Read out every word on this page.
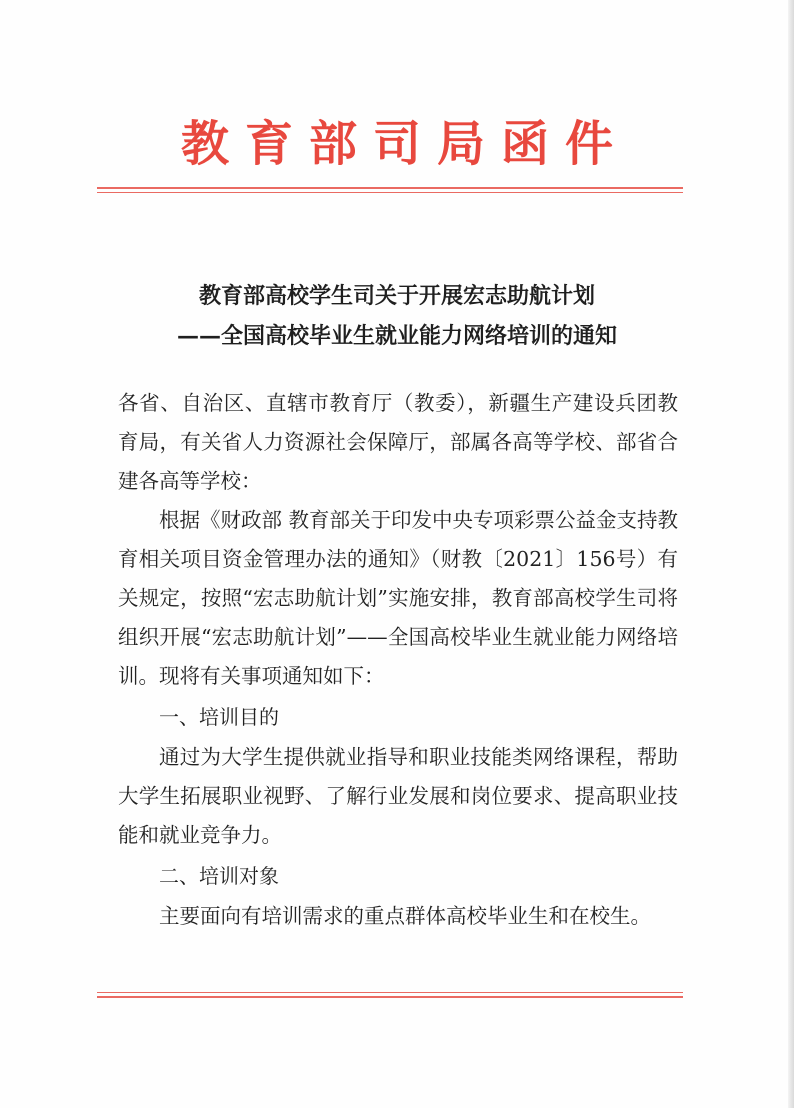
教育部司局函件
教育部高校学生司关于开展宏志助航计划
——全国高校毕业生就业能力网络培训的通知

各省、自治区、直辖市教育厅（教委），新疆生产建设兵团教育局，有关省人力资源社会保障厅，部属各高等学校、部省合建各高等学校：

根据《财政部 教育部关于印发中央专项彩票公益金支持教育相关项目资金管理办法的通知》（财教〔2021〕156号）有关规定，按照“宏志助航计划”实施安排，教育部高校学生司将组织开展“宏志助航计划”——全国高校毕业生就业能力网络培训。现将有关事项通知如下：

一、培训目的

通过为大学生提供就业指导和职业技能类网络课程，帮助大学生拓展职业视野、了解行业发展和岗位要求、提高职业技能和就业竞争力。

二、培训对象

主要面向有培训需求的重点群体高校毕业生和在校生。
